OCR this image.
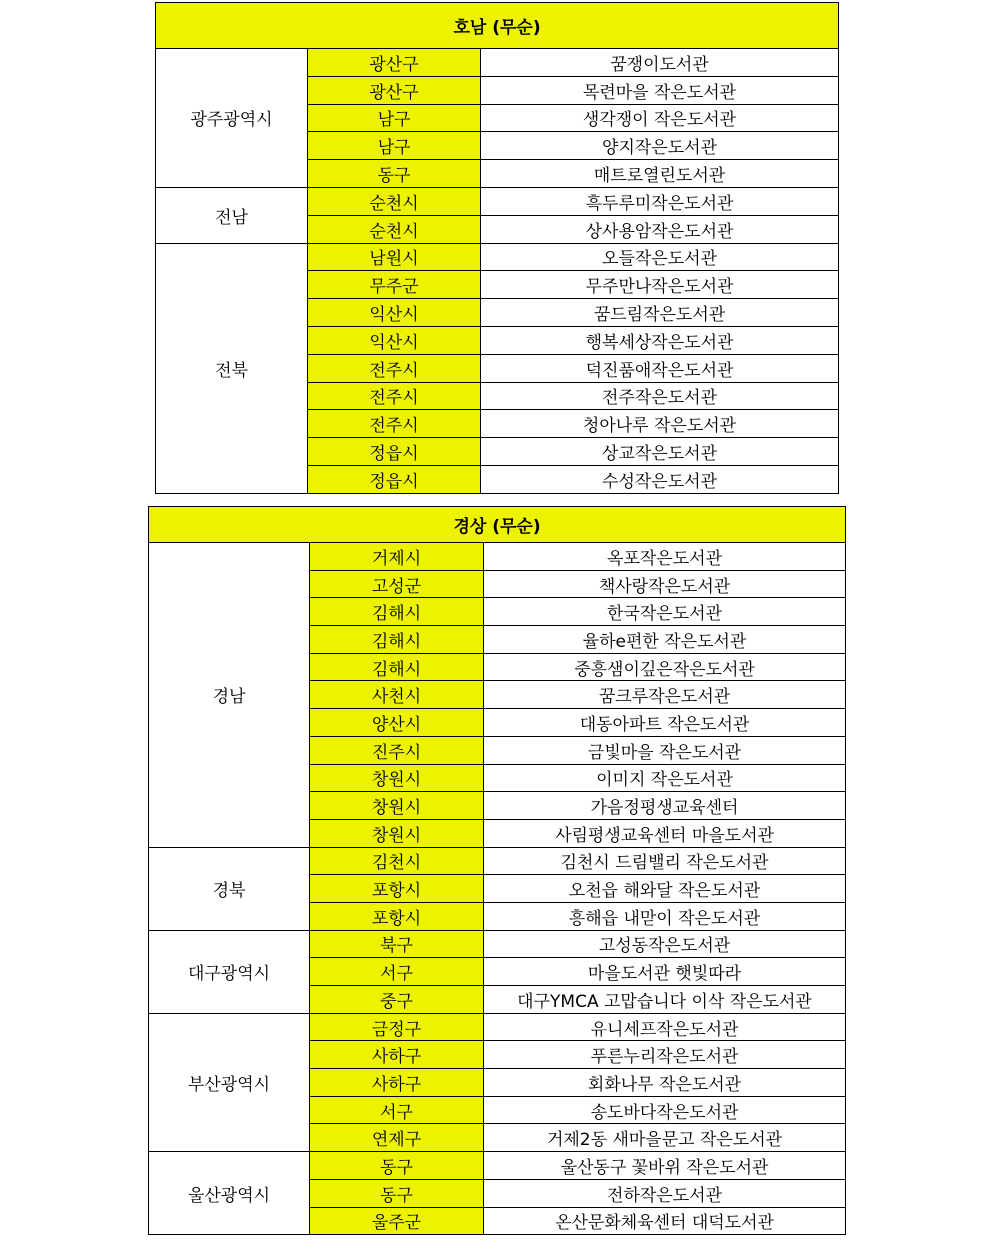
호남 (무순)		
광주광역시	광산구	꿈쟁이도서관
	광산구	목련마을 작은도서관
	남구	생각쟁이 작은도서관
	남구	양지작은도서관
	동구	매트로열린도서관
전남	순천시	흑두루미작은도서관
	순천시	상사용암작은도서관
전북	남원시	오들작은도서관
	무주군	무주만나작은도서관
	익산시	꿈드림작은도서관
	익산시	행복세상작은도서관
	전주시	덕진품애작은도서관
	전주시	전주작은도서관
	전주시	청아나루 작은도서관
	정읍시	상교작은도서관
	정읍시	수성작은도서관
경상 (무순)		
경남	거제시	옥포작은도서관
	고성군	책사랑작은도서관
	김해시	한국작은도서관
	김해시	율하e편한 작은도서관
	김해시	중흥샘이깊은작은도서관
	사천시	꿈크루작은도서관
	양산시	대동아파트 작은도서관
	진주시	금빛마을 작은도서관
	창원시	이미지 작은도서관
	창원시	가음정평생교육센터
	창원시	사림평생교육센터 마을도서관
경북	김천시	김천시 드림밸리 작은도서관
	포항시	오천읍 해와달 작은도서관
	포항시	흥해읍 내맏이 작은도서관
대구광역시	북구	고성동작은도서관
	서구	마을도서관 햇빛따라
	중구	대구YMCA 고맙습니다 이삭 작은도서관
부산광역시	금정구	유니세프작은도서관
	사하구	푸른누리작은도서관
	사하구	회화나무 작은도서관
	서구	송도바다작은도서관
	연제구	거제2동 새마을문고 작은도서관
울산광역시	동구	울산동구 꽃바위 작은도서관
	동구	전하작은도서관
	울주군	온산문화체육센터 대덕도서관
